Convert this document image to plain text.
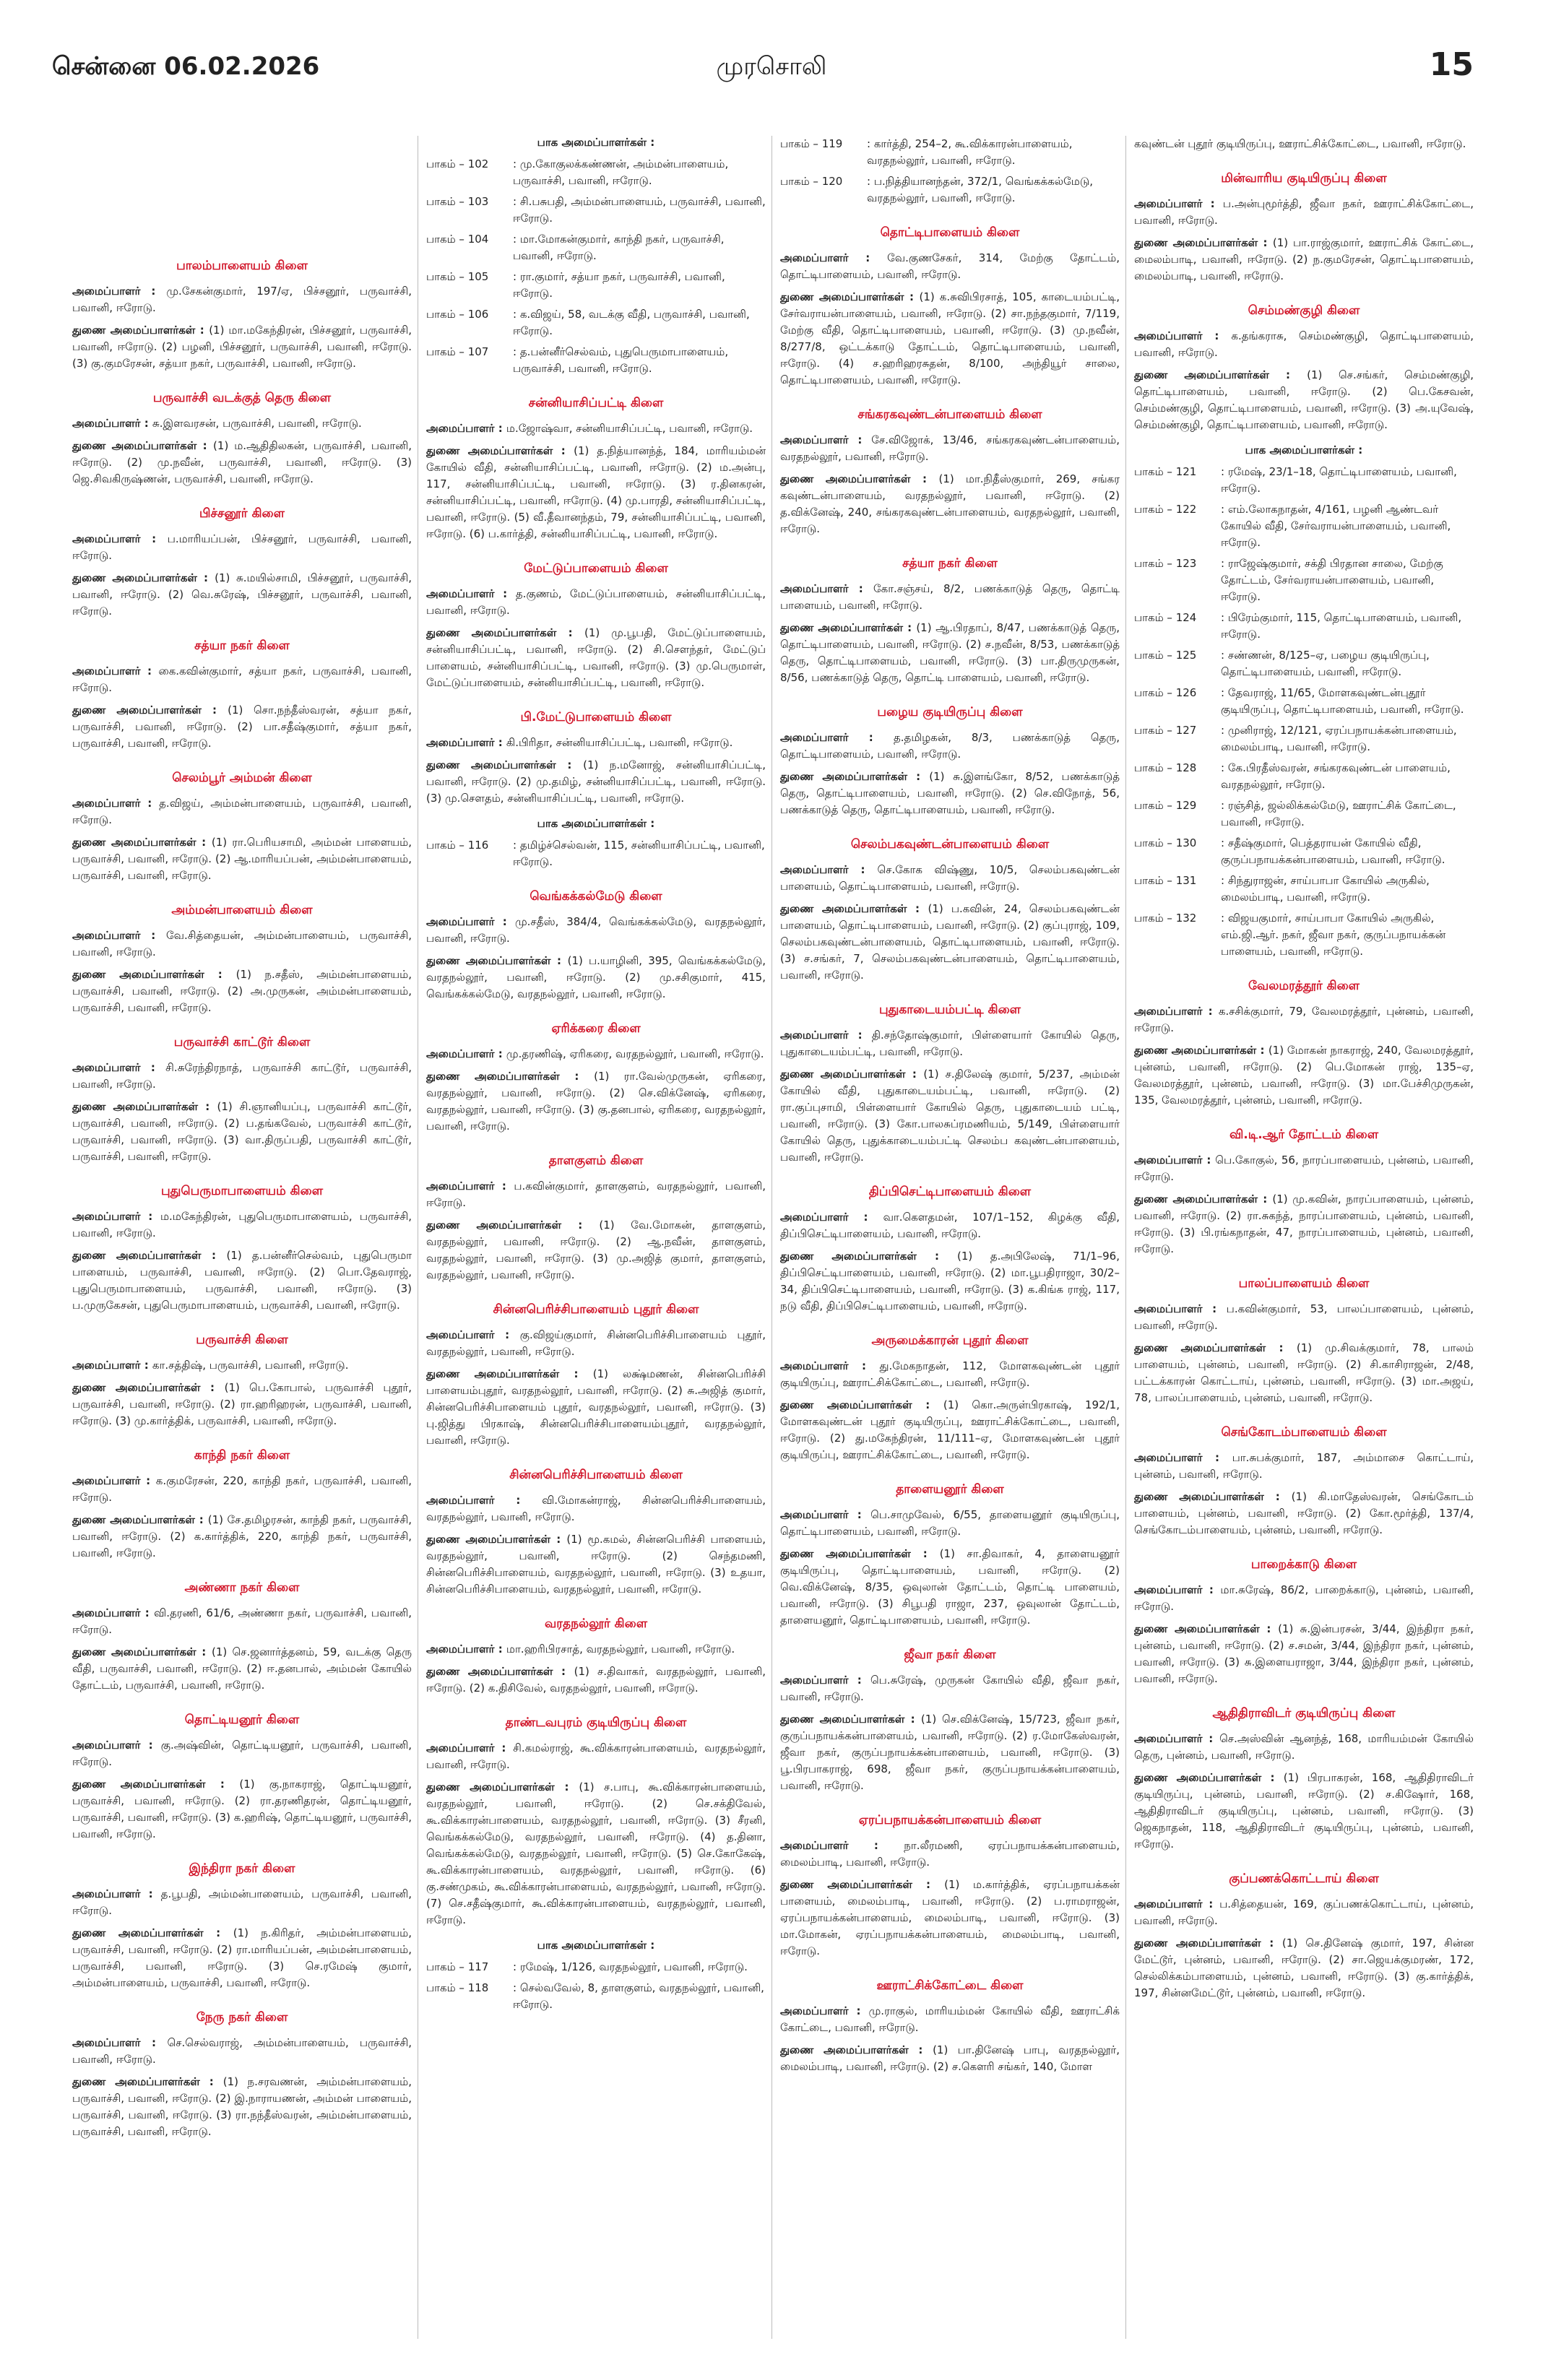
சென்னை 06.02.2026	முரசொலி	15
பாலம்பாளையம் கிளை

அமைப்பாளர் : மு.சேகன்குமார், 197/ஏ, பிச்சனூர், பருவாச்சி, பவானி, ஈரோடு.

துணை அமைப்பாளர்கள் : (1) மா.மகேந்திரன், பிச்சனூர், பருவாச்சி, பவானி, ஈரோடு. (2) பழனி, பிச்சனூர், பருவாச்சி, பவானி, ஈரோடு. (3) கு.குமரேசன், சத்யா நகர், பருவாச்சி, பவானி, ஈரோடு.

பருவாச்சி வடக்குத் தெரு கிளை

அமைப்பாளர் : சு.இளவரசன், பருவாச்சி, பவானி, ஈரோடு.

துணை அமைப்பாளர்கள் : (1) ம.ஆதிதிலகன், பருவாச்சி, பவானி, ஈரோடு. (2) மு.நவீன், பருவாச்சி, பவானி, ஈரோடு. (3) ஜெ.சிவகிருஷ்ணன், பருவாச்சி, பவானி, ஈரோடு.

பிச்சனூர் கிளை

அமைப்பாளர் : ப.மாரியப்பன், பிச்சனூர், பருவாச்சி, பவானி, ஈரோடு.

துணை அமைப்பாளர்கள் : (1) சு.மயில்சாமி, பிச்சனூர், பருவாச்சி, பவானி, ஈரோடு. (2) வெ.சுரேஷ், பிச்சனூர், பருவாச்சி, பவானி, ஈரோடு.

சத்யா நகர் கிளை

அமைப்பாளர் : கை.கவின்குமார், சத்யா நகர், பருவாச்சி, பவானி, ஈரோடு.

துணை அமைப்பாளர்கள் : (1) சொ.நந்தீஸ்வரன், சத்யா நகர், பருவாச்சி, பவானி, ஈரோடு. (2) பா.சதீஷ்குமார், சத்யா நகர், பருவாச்சி, பவானி, ஈரோடு.

செலம்பூர் அம்மன் கிளை

அமைப்பாளர் : த.விஜய், அம்மன்பாளையம், பருவாச்சி, பவானி, ஈரோடு.

துணை அமைப்பாளர்கள் : (1) ரா.பெரியசாமி, அம்மன் பாளையம், பருவாச்சி, பவானி, ஈரோடு. (2) ஆ.மாரியப்பன், அம்மன்பாளையம், பருவாச்சி, பவானி, ஈரோடு.

அம்மன்பாளையம் கிளை

அமைப்பாளர் : வே.சித்தையன், அம்மன்பாளையம், பருவாச்சி, பவானி, ஈரோடு.

துணை அமைப்பாளர்கள் : (1) ந.சதீஸ், அம்மன்பாளையம், பருவாச்சி, பவானி, ஈரோடு. (2) அ.முருகன், அம்மன்பாளையம், பருவாச்சி, பவானி, ஈரோடு.

பருவாச்சி காட்டூர் கிளை

அமைப்பாளர் : சி.சுரேந்திரநாத், பருவாச்சி காட்டூர், பருவாச்சி, பவானி, ஈரோடு.

துணை அமைப்பாளர்கள் : (1) சி.ஞானியப்பு, பருவாச்சி காட்டூர், பருவாச்சி, பவானி, ஈரோடு. (2) ப.தங்கவேல், பருவாச்சி காட்டூர், பருவாச்சி, பவானி, ஈரோடு. (3) வா.திருப்பதி, பருவாச்சி காட்டூர், பருவாச்சி, பவானி, ஈரோடு.

புதுபெருமாபாளையம் கிளை

அமைப்பாளர் : ம.மகேந்திரன், புதுபெருமாபாளையம், பருவாச்சி, பவானி, ஈரோடு.

துணை அமைப்பாளர்கள் : (1) த.பன்னீர்செல்வம், புதுபெருமா பாளையம், பருவாச்சி, பவானி, ஈரோடு. (2) பொ.தேவராஜ், புதுபெருமாபாளையம், பருவாச்சி, பவானி, ஈரோடு. (3) ப.முருகேசன், புதுபெருமாபாளையம், பருவாச்சி, பவானி, ஈரோடு.

பருவாச்சி கிளை

அமைப்பாளர் : கா.சத்திஷ், பருவாச்சி, பவானி, ஈரோடு.

துணை அமைப்பாளர்கள் : (1) பெ.கோபால், பருவாச்சி புதூர், பருவாச்சி, பவானி, ஈரோடு. (2) ரா.ஹரிஹரன், பருவாச்சி, பவானி, ஈரோடு. (3) மு.கார்த்திக், பருவாச்சி, பவானி, ஈரோடு.

காந்தி நகர் கிளை

அமைப்பாளர் : க.குமரேசன், 220, காந்தி நகர், பருவாச்சி, பவானி, ஈரோடு.

துணை அமைப்பாளர்கள் : (1) சே.தமிழரசன், காந்தி நகர், பருவாச்சி, பவானி, ஈரோடு. (2) க.கார்த்திக், 220, காந்தி நகர், பருவாச்சி, பவானி, ஈரோடு.

அண்ணா நகர் கிளை

அமைப்பாளர் : வி.தரணி, 61/6, அண்ணா நகர், பருவாச்சி, பவானி, ஈரோடு.

துணை அமைப்பாளர்கள் : (1) செ.ஜனார்த்தனம், 59, வடக்கு தெரு வீதி, பருவாச்சி, பவானி, ஈரோடு. (2) ஈ.தனபால், அம்மன் கோயில் தோட்டம், பருவாச்சி, பவானி, ஈரோடு.

தொட்டியனூர் கிளை

அமைப்பாளர் : கு.அஷ்வின், தொட்டியனூர், பருவாச்சி, பவானி, ஈரோடு.

துணை அமைப்பாளர்கள் : (1) கு.நாகராஜ், தொட்டியனூர், பருவாச்சி, பவானி, ஈரோடு. (2) ரா.தரணிதரன், தொட்டியனூர், பருவாச்சி, பவானி, ஈரோடு. (3) க.ஹரிஷ், தொட்டியனூர், பருவாச்சி, பவானி, ஈரோடு.

இந்திரா நகர் கிளை

அமைப்பாளர் : த.பூபதி, அம்மன்பாளையம், பருவாச்சி, பவானி, ஈரோடு.

துணை அமைப்பாளர்கள் : (1) ந.கிரிதர், அம்மன்பாளையம், பருவாச்சி, பவானி, ஈரோடு. (2) ரா.மாரியப்பன், அம்மன்பாளையம், பருவாச்சி, பவானி, ஈரோடு. (3) செ.ரமேஷ் குமார், அம்மன்பாளையம், பருவாச்சி, பவானி, ஈரோடு.

நேரு நகர் கிளை

அமைப்பாளர் : செ.செல்வராஜ், அம்மன்பாளையம், பருவாச்சி, பவானி, ஈரோடு.

துணை அமைப்பாளர்கள் : (1) ந.சரவணன், அம்மன்பாளையம், பருவாச்சி, பவானி, ஈரோடு. (2) இ.நாராயணன், அம்மன் பாளையம், பருவாச்சி, பவானி, ஈரோடு. (3) ரா.நந்தீஸ்வரன், அம்மன்பாளையம், பருவாச்சி, பவானி, ஈரோடு.

பாக அமைப்பாளர்கள் :
பாகம் – 102	: மு.கோகுலக்கண்ணன், அம்மன்பாளையம், பருவாச்சி, பவானி, ஈரோடு.
பாகம் – 103	: சி.பசுபதி, அம்மன்பாளையம், பருவாச்சி, பவானி, ஈரோடு.
பாகம் – 104	: மா.மோகன்குமார், காந்தி நகர், பருவாச்சி, பவானி, ஈரோடு.
பாகம் – 105	: ரா.குமார், சத்யா நகர், பருவாச்சி, பவானி, ஈரோடு.
பாகம் – 106	: க.விஜய், 58, வடக்கு வீதி, பருவாச்சி, பவானி, ஈரோடு.
பாகம் – 107	: த.பன்னீர்செல்வம், புதுபெருமாபாளையம், பருவாச்சி, பவானி, ஈரோடு.
சன்னியாசிப்பட்டி கிளை

அமைப்பாளர் : ம.ஜோஷ்வா, சன்னியாசிப்பட்டி, பவானி, ஈரோடு.

துணை அமைப்பாளர்கள் : (1) த.நித்யானந்த், 184, மாரியம்மன் கோயில் வீதி, சன்னியாசிப்பட்டி, பவானி, ஈரோடு. (2) ம.அன்பு, 117, சன்னியாசிப்பட்டி, பவானி, ஈரோடு. (3) ர.தினகரன், சன்னியாசிப்பட்டி, பவானி, ஈரோடு. (4) மு.பாரதி, சன்னியாசிப்பட்டி, பவானி, ஈரோடு. (5) வீ.தீவானந்தம், 79, சன்னியாசிப்பட்டி, பவானி, ஈரோடு. (6) ப.கார்த்தி, சன்னியாசிப்பட்டி, பவானி, ஈரோடு.

மேட்டுப்பாளையம் கிளை

அமைப்பாளர் : த.குணம், மேட்டுப்பாளையம், சன்னியாசிப்பட்டி, பவானி, ஈரோடு.

துணை அமைப்பாளர்கள் : (1) மு.பூபதி, மேட்டுப்பாளையம், சன்னியாசிப்பட்டி, பவானி, ஈரோடு. (2) சி.சௌந்தர், மேட்டுப் பாளையம், சன்னியாசிப்பட்டி, பவானி, ஈரோடு. (3) மு.பெருமாள், மேட்டுப்பாளையம், சன்னியாசிப்பட்டி, பவானி, ஈரோடு.

பி.மேட்டுபாளையம் கிளை

அமைப்பாளர் : கி.பிரிதா, சன்னியாசிப்பட்டி, பவானி, ஈரோடு.

துணை அமைப்பாளர்கள் : (1) ந.மனோஜ், சன்னியாசிப்பட்டி, பவானி, ஈரோடு. (2) மு.தமிழ், சன்னியாசிப்பட்டி, பவானி, ஈரோடு. (3) மு.சௌதம், சன்னியாசிப்பட்டி, பவானி, ஈரோடு.

பாக அமைப்பாளர்கள் :
பாகம் – 116	: தமிழ்ச்செல்வன், 115, சன்னியாசிப்பட்டி, பவானி, ஈரோடு.
வெங்கக்கல்மேடு கிளை

அமைப்பாளர் : மு.சதீஸ், 384/4, வெங்கக்கல்மேடு, வரதநல்லூர், பவானி, ஈரோடு.

துணை அமைப்பாளர்கள் : (1) ப.யாழினி, 395, வெங்கக்கல்மேடு, வரதநல்லூர், பவானி, ஈரோடு. (2) மு.சசிகுமார், 415, வெங்கக்கல்மேடு, வரதநல்லூர், பவானி, ஈரோடு.

ஏரிக்கரை கிளை

அமைப்பாளர் : மு.தரணிஷ், ஏரிகரை, வரதநல்லூர், பவானி, ஈரோடு.

துணை அமைப்பாளர்கள் : (1) ரா.வேல்முருகன், ஏரிகரை, வரதநல்லூர், பவானி, ஈரோடு. (2) செ.விக்னேஷ், ஏரிகரை, வரதநல்லூர், பவானி, ஈரோடு. (3) கு.தனபால், ஏரிகரை, வரதநல்லூர், பவானி, ஈரோடு.

தாளகுளம் கிளை

அமைப்பாளர் : ப.கவின்குமார், தாளகுளம், வரதநல்லூர், பவானி, ஈரோடு.

துணை அமைப்பாளர்கள் : (1) வே.மோகன், தாளகுளம், வரதநல்லூர், பவானி, ஈரோடு. (2) ஆ.நவீன், தாளகுளம், வரதநல்லூர், பவானி, ஈரோடு. (3) மு.அஜித் குமார், தாளகுளம், வரதநல்லூர், பவானி, ஈரோடு.

சின்னபெரிச்சிபாளையம் புதூர் கிளை

அமைப்பாளர் : கு.விஜய்குமார், சின்னபெரிச்சிபாளையம் புதூர், வரதநல்லூர், பவானி, ஈரோடு.

துணை அமைப்பாளர்கள் : (1) லக்ஷ்மணன், சின்னபெரிச்சி பாளையம்புதூர், வரதநல்லூர், பவானி, ஈரோடு. (2) சு.அஜித் குமார், சின்னபெரிச்சிபாளையம் புதூர், வரதநல்லூர், பவானி, ஈரோடு. (3) பு.ஜித்து பிரகாஷ், சின்னபெரிச்சிபாளையம்புதூர், வரதநல்லூர், பவானி, ஈரோடு.

சின்னபெரிச்சிபாளையம் கிளை

அமைப்பாளர் : வி.மோகன்ராஜ், சின்னபெரிச்சிபாளையம், வரதநல்லூர், பவானி, ஈரோடு.

துணை அமைப்பாளர்கள் : (1) மூ.கமல், சின்னபெரிச்சி பாளையம், வரதநல்லூர், பவானி, ஈரோடு. (2) செந்தமணி, சின்னபெரிச்சிபாளையம், வரதநல்லூர், பவானி, ஈரோடு. (3) உதயா, சின்னபெரிச்சிபாளையம், வரதநல்லூர், பவானி, ஈரோடு.

வரதநல்லூர் கிளை

அமைப்பாளர் : மா.ஹரிபிரசாத், வரதநல்லூர், பவானி, ஈரோடு.

துணை அமைப்பாளர்கள் : (1) ச.திவாகர், வரதநல்லூர், பவானி, ஈரோடு. (2) க.திசிவேல், வரதநல்லூர், பவானி, ஈரோடு.

தாண்டவபுரம் குடியிருப்பு கிளை

அமைப்பாளர் : சி.கமல்ராஜ், கூ.விக்காரன்பாளையம், வரதநல்லூர், பவானி, ஈரோடு.

துணை அமைப்பாளர்கள் : (1) ச.பாபு, கூ.விக்காரன்பாளையம், வரதநல்லூர், பவானி, ஈரோடு. (2) செ.சக்திவேல், கூ.விக்காரன்பாளையம், வரதநல்லூர், பவானி, ஈரோடு. (3) சீரனி, வெங்கக்கல்மேடு, வரதநல்லூர், பவானி, ஈரோடு. (4) த.தினா, வெங்கக்கல்மேடு, வரதநல்லூர், பவானி, ஈரோடு. (5) செ.கோகேஷ், கூ.விக்காரன்பாளையம், வரதநல்லூர், பவானி, ஈரோடு. (6) கு.சண்முகம், கூ.விக்காரன்பாளையம், வரதநல்லூர், பவானி, ஈரோடு. (7) செ.சதீஷ்குமார், கூ.விக்காரன்பாளையம், வரதநல்லூர், பவானி, ஈரோடு.

பாக அமைப்பாளர்கள் :
பாகம் – 117	: ரமேஷ், 1/126, வரதநல்லூர், பவானி, ஈரோடு.
பாகம் – 118	: செல்வவேல், 8, தாளகுளம், வரதநல்லூர், பவானி, ஈரோடு.
பாகம் – 119	: கார்த்தி, 254–2, கூ.விக்காரன்பாளையம், வரதநல்லூர், பவானி, ஈரோடு.
பாகம் – 120	: ப.நித்தியானந்தன், 372/1, வெங்கக்கல்மேடு, வரதநல்லூர், பவானி, ஈரோடு.
தொட்டிபாளையம் கிளை

அமைப்பாளர் : வே.குணசேகர், 314, மேற்கு தோட்டம், தொட்டிபாளையம், பவானி, ஈரோடு.

துணை அமைப்பாளர்கள் : (1) க.சுவிபிரசாத், 105, காடையம்பட்டி, சேர்வராயன்பாளையம், பவானி, ஈரோடு. (2) சா.நந்தகுமார், 7/119, மேற்கு வீதி, தொட்டிபாளையம், பவானி, ஈரோடு. (3) மு.நவீன், 8/277/8, ஒட்டக்காடு தோட்டம், தொட்டிபாளையம், பவானி, ஈரோடு. (4) ச.ஹரிஹரசுதன், 8/100, அந்தியூர் சாலை, தொட்டிபாளையம், பவானி, ஈரோடு.

சங்கரகவுண்டன்பாளையம் கிளை

அமைப்பாளர் : சே.விஜோக், 13/46, சங்கரகவுண்டன்பாளையம், வரதநல்லூர், பவானி, ஈரோடு.

துணை அமைப்பாளர்கள் : (1) மா.நிதீஸ்குமார், 269, சங்கர கவுண்டன்பாளையம், வரதநல்லூர், பவானி, ஈரோடு. (2) த.விக்னேஷ், 240, சங்கரகவுண்டன்பாளையம், வரதநல்லூர், பவானி, ஈரோடு.

சத்யா நகர் கிளை

அமைப்பாளர் : கோ.சஞ்சய், 8/2, பணக்காடுத் தெரு, தொட்டி பாளையம், பவானி, ஈரோடு.

துணை அமைப்பாளர்கள் : (1) ஆ.பிரதாப், 8/47, பணக்காடுத் தெரு, தொட்டிபாளையம், பவானி, ஈரோடு. (2) ச.நவீன், 8/53, பணக்காடுத் தெரு, தொட்டிபாளையம், பவானி, ஈரோடு. (3) பா.திருமுருகன், 8/56, பணக்காடுத் தெரு, தொட்டி பாளையம், பவானி, ஈரோடு.

பழைய குடியிருப்பு கிளை

அமைப்பாளர் : த.தமிழகன், 8/3, பணக்காடுத் தெரு, தொட்டிபாளையம், பவானி, ஈரோடு.

துணை அமைப்பாளர்கள் : (1) சு.இளங்கோ, 8/52, பணக்காடுத் தெரு, தொட்டிபாளையம், பவானி, ஈரோடு. (2) செ.விநோத், 56, பணக்காடுத் தெரு, தொட்டிபாளையம், பவானி, ஈரோடு.

செலம்பகவுண்டன்பாளையம் கிளை

அமைப்பாளர் : செ.கோக விஷ்ணு, 10/5, செலம்பகவுண்டன் பாளையம், தொட்டிபாளையம், பவானி, ஈரோடு.

துணை அமைப்பாளர்கள் : (1) ப.கவின், 24, செலம்பகவுண்டன் பாளையம், தொட்டிபாளையம், பவானி, ஈரோடு. (2) குப்புராஜ், 109, செலம்பகவுண்டன்பாளையம், தொட்டிபாளையம், பவானி, ஈரோடு. (3) ச.சங்கர், 7, செலம்பகவுண்டன்பாளையம், தொட்டிபாளையம், பவானி, ஈரோடு.

புதுகாடையம்பட்டி கிளை

அமைப்பாளர் : தி.சந்தோஷ்குமார், பிள்ளையார் கோயில் தெரு, புதுகாடையம்பட்டி, பவானி, ஈரோடு.

துணை அமைப்பாளர்கள் : (1) ச.திலேஷ் குமார், 5/237, அம்மன் கோயில் வீதி, புதுகாடையம்பட்டி, பவானி, ஈரோடு. (2) ரா.குப்புசாமி, பிள்ளையார் கோயில் தெரு, புதுகாடையம் பட்டி, பவானி, ஈரோடு. (3) கோ.பாலசுப்ரமணியம், 5/149, பிள்ளையார் கோயில் தெரு, புதுக்காடையம்பட்டி செலம்ப கவுண்டன்பாளையம், பவானி, ஈரோடு.

திப்பிசெட்டிபாளையம் கிளை

அமைப்பாளர் : வா.கௌதமன், 107/1–152, கிழக்கு வீதி, திப்பிசெட்டிபாளையம், பவானி, ஈரோடு.

துணை அமைப்பாளர்கள் : (1) த.அபிலேஷ், 71/1–96, திப்பிசெட்டிபாளையம், பவானி, ஈரோடு. (2) மா.பூபதிராஜா, 30/2–34, திப்பிசெட்டிபாளையம், பவானி, ஈரோடு. (3) க.கிங்க ராஜ், 117, நடு வீதி, திப்பிசெட்டிபாளையம், பவானி, ஈரோடு.

அருமைக்காரன் புதூர் கிளை

அமைப்பாளர் : து.மேகநாதன், 112, மோளகவுண்டன் புதூர் குடியிருப்பு, ஊராட்சிக்கோட்டை, பவானி, ஈரோடு.

துணை அமைப்பாளர்கள் : (1) கொ.அருள்பிரகாஷ், 192/1, மோளகவுண்டன் புதூர் குடியிருப்பு, ஊராட்சிக்கோட்டை, பவானி, ஈரோடு. (2) து.மகேந்திரன், 11/111–ஏ, மோளகவுண்டன் புதூர் குடியிருப்பு, ஊராட்சிக்கோட்டை, பவானி, ஈரோடு.

தாளையனூர் கிளை

அமைப்பாளர் : பெ.சாமுவேல், 6/55, தாளையனூர் குடியிருப்பு, தொட்டிபாளையம், பவானி, ஈரோடு.

துணை அமைப்பாளர்கள் : (1) சா.திவாகர், 4, தாளையனூர் குடியிருப்பு, தொட்டிபாளையம், பவானி, ஈரோடு. (2) வெ.விக்னேஷ், 8/35, ஒவுலான் தோட்டம், தொட்டி பாளையம், பவானி, ஈரோடு. (3) சிபூபதி ராஜா, 237, ஒவுலான் தோட்டம், தாளையனூர், தொட்டிபாளையம், பவானி, ஈரோடு.

ஜீவா நகர் கிளை

அமைப்பாளர் : பெ.சுரேஷ், முருகன் கோயில் வீதி, ஜீவா நகர், பவானி, ஈரோடு.

துணை அமைப்பாளர்கள் : (1) செ.விக்னேஷ், 15/723, ஜீவா நகர், குருப்பநாயக்கன்பாளையம், பவானி, ஈரோடு. (2) ர.மோகேஸ்வரன், ஜீவா நகர், குருப்பநாயக்கன்பாளையம், பவானி, ஈரோடு. (3) பூ.பிரபாகராஜ், 698, ஜீவா நகர், குருப்பநாயக்கன்பாளையம், பவானி, ஈரோடு.

ஏரப்பநாயக்கன்பாளையம் கிளை

அமைப்பாளர் : நா.லீரமணி, ஏரப்பநாயக்கன்பாளையம், மைலம்பாடி, பவானி, ஈரோடு.

துணை அமைப்பாளர்கள் : (1) ம.கார்த்திக், ஏரப்பநாயக்கன் பாளையம், மைலம்பாடி, பவானி, ஈரோடு. (2) ப.ராமராஜன், ஏரப்பநாயக்கன்பாளையம், மைலம்பாடி, பவானி, ஈரோடு. (3) மா.மோகன், ஏரப்பநாயக்கன்பாளையம், மைலம்பாடி, பவானி, ஈரோடு.

ஊராட்சிக்கோட்டை கிளை

அமைப்பாளர் : மு.ராகுல், மாரியம்மன் கோயில் வீதி, ஊராட்சிக் கோட்டை, பவானி, ஈரோடு.

துணை அமைப்பாளர்கள் : (1) பா.தினேஷ் பாபு, வரதநல்லூர், மைலம்பாடி, பவானி, ஈரோடு. (2) ச.கௌரி சங்கர், 140, மோள

கவுண்டன் புதூர் குடியிருப்பு, ஊராட்சிக்கோட்டை, பவானி, ஈரோடு.

மின்வாரிய குடியிருப்பு கிளை

அமைப்பாளர் : ப.அன்புமூர்த்தி, ஜீவா நகர், ஊராட்சிக்கோட்டை, பவானி, ஈரோடு.

துணை அமைப்பாளர்கள் : (1) பா.ராஜ்குமார், ஊராட்சிக் கோட்டை, மைலம்பாடி, பவானி, ஈரோடு. (2) ந.குமரேசன், தொட்டிபாளையம், மைலம்பாடி, பவானி, ஈரோடு.

செம்மண்குழி கிளை

அமைப்பாளர் : க.தங்கராசு, செம்மண்குழி, தொட்டிபாளையம், பவானி, ஈரோடு.

துணை அமைப்பாளர்கள் : (1) செ.சங்கர், செம்மண்குழி, தொட்டிபாளையம், பவானி, ஈரோடு. (2) பெ.கேசவன், செம்மண்குழி, தொட்டிபாளையம், பவானி, ஈரோடு. (3) அ.யுவேஷ், செம்மண்குழி, தொட்டிபாளையம், பவானி, ஈரோடு.

பாக அமைப்பாளர்கள் :
பாகம் – 121	: ரமேஷ், 23/1–18, தொட்டிபாளையம், பவானி, ஈரோடு.
பாகம் – 122	: எம்.லோகநாதன், 4/161, பழனி ஆண்டவர் கோயில் வீதி, சேர்வராயன்பாளையம், பவானி, ஈரோடு.
பாகம் – 123	: ராஜேஷ்குமார், சக்தி பிரதான சாலை, மேற்கு தோட்டம், சேர்வராயன்பாளையம், பவானி, ஈரோடு.
பாகம் – 124	: பிரேம்குமார், 115, தொட்டிபாளையம், பவானி, ஈரோடு.
பாகம் – 125	: சண்ணன், 8/125–ஏ, பழைய குடியிருப்பு, தொட்டிபாளையம், பவானி, ஈரோடு.
பாகம் – 126	: தேவராஜ், 11/65, மோளகவுண்டன்புதூர் குடியிருப்பு, தொட்டிபாளையம், பவானி, ஈரோடு.
பாகம் – 127	: முனிராஜ், 12/121, ஏரப்பநாயக்கன்பாளையம், மைலம்பாடி, பவானி, ஈரோடு.
பாகம் – 128	: கே.பிரதீஸ்வரன், சங்கரகவுண்டன் பாளையம், வரதநல்லூர், ஈரோடு.
பாகம் – 129	: ரஞ்சித், ஜல்லிக்கல்மேடு, ஊராட்சிக் கோட்டை, பவானி, ஈரோடு.
பாகம் – 130	: சதீஷ்குமார், பெத்தராயன் கோயில் வீதி, குருப்பநாயக்கன்பாளையம், பவானி, ஈரோடு.
பாகம் – 131	: சிந்துராஜன், சாய்பாபா கோயில் அருகில், மைலம்பாடி, பவானி, ஈரோடு.
பாகம் – 132	: விஜயகுமார், சாய்பாபா கோயில் அருகில், எம்.ஜி.ஆர். நகர், ஜீவா நகர், குருப்பநாயக்கன் பாளையம், பவானி, ஈரோடு.
வேலமரத்தூர் கிளை

அமைப்பாளர் : க.சசிக்குமார், 79, வேலமரத்தூர், புன்னம், பவானி, ஈரோடு.

துணை அமைப்பாளர்கள் : (1) மோகன் நாகராஜ், 240, வேலமரத்தூர், புன்னம், பவானி, ஈரோடு. (2) பெ.மோகன் ராஜ், 135–ஏ, வேலமரத்தூர், புன்னம், பவானி, ஈரோடு. (3) மா.பேச்சிமுருகன், 135, வேலமரத்தூர், புன்னம், பவானி, ஈரோடு.

வி.டி.ஆர் தோட்டம் கிளை

அமைப்பாளர் : பெ.கோகுல், 56, நாரப்பாளையம், புன்னம், பவானி, ஈரோடு.

துணை அமைப்பாளர்கள் : (1) மு.கவின், நாரப்பாளையம், புன்னம், பவானி, ஈரோடு. (2) ரா.சுகந்த், நாரப்பாளையம், புன்னம், பவானி, ஈரோடு. (3) பி.ரங்கநாதன், 47, நாரப்பாளையம், புன்னம், பவானி, ஈரோடு.

பாலப்பாளையம் கிளை

அமைப்பாளர் : ப.கவின்குமார், 53, பாலப்பாளையம், புன்னம், பவானி, ஈரோடு.

துணை அமைப்பாளர்கள் : (1) மு.சிவக்குமார், 78, பாலம் பாளையம், புன்னம், பவானி, ஈரோடு. (2) சி.காசிராஜன், 2/48, பட்டக்காரன் கொட்டாய், புன்னம், பவானி, ஈரோடு. (3) மா.அஜய், 78, பாலப்பாளையம், புன்னம், பவானி, ஈரோடு.

செங்கோடம்பாளையம் கிளை

அமைப்பாளர் : பா.சுபக்குமார், 187, அம்மாசை கொட்டாய், புன்னம், பவானி, ஈரோடு.

துணை அமைப்பாளர்கள் : (1) கி.மாதேஸ்வரன், செங்கோடம் பாளையம், புன்னம், பவானி, ஈரோடு. (2) கோ.மூர்த்தி, 137/4, செங்கோடம்பாளையம், புன்னம், பவானி, ஈரோடு.

பாறைக்காடு கிளை

அமைப்பாளர் : மா.சுரேஷ், 86/2, பாறைக்காடு, புன்னம், பவானி, ஈரோடு.

துணை அமைப்பாளர்கள் : (1) சு.இன்பரசன், 3/44, இந்திரா நகர், புன்னம், பவானி, ஈரோடு. (2) ச.சமன், 3/44, இந்திரா நகர், புன்னம், பவானி, ஈரோடு. (3) சு.இளையராஜா, 3/44, இந்திரா நகர், புன்னம், பவானி, ஈரோடு.

ஆதிதிராவிடர் குடியிருப்பு கிளை

அமைப்பாளர் : செ.அஸ்வின் ஆனந்த், 168, மாரியம்மன் கோயில் தெரு, புன்னம், பவானி, ஈரோடு.

துணை அமைப்பாளர்கள் : (1) பிரபாகரன், 168, ஆதிதிராவிடர் குடியிருப்பு, புன்னம், பவானி, ஈரோடு. (2) ச.கிஷோர், 168, ஆதிதிராவிடர் குடியிருப்பு, புன்னம், பவானி, ஈரோடு. (3) ஜெகநாதன், 118, ஆதிதிராவிடர் குடியிருப்பு, புன்னம், பவானி, ஈரோடு.

குப்பணக்கொட்டாய் கிளை

அமைப்பாளர் : ப.சித்தையன், 169, குப்பணக்கொட்டாய், புன்னம், பவானி, ஈரோடு.

துணை அமைப்பாளர்கள் : (1) செ.தினேஷ் குமார், 197, சின்ன மேட்டூர், புன்னம், பவானி, ஈரோடு. (2) சா.ஜெயக்குமரண், 172, செல்லிக்கம்பாளையம், புன்னம், பவானி, ஈரோடு. (3) கு.கார்த்திக், 197, சின்னமேட்டூர், புன்னம், பவானி, ஈரோடு.
